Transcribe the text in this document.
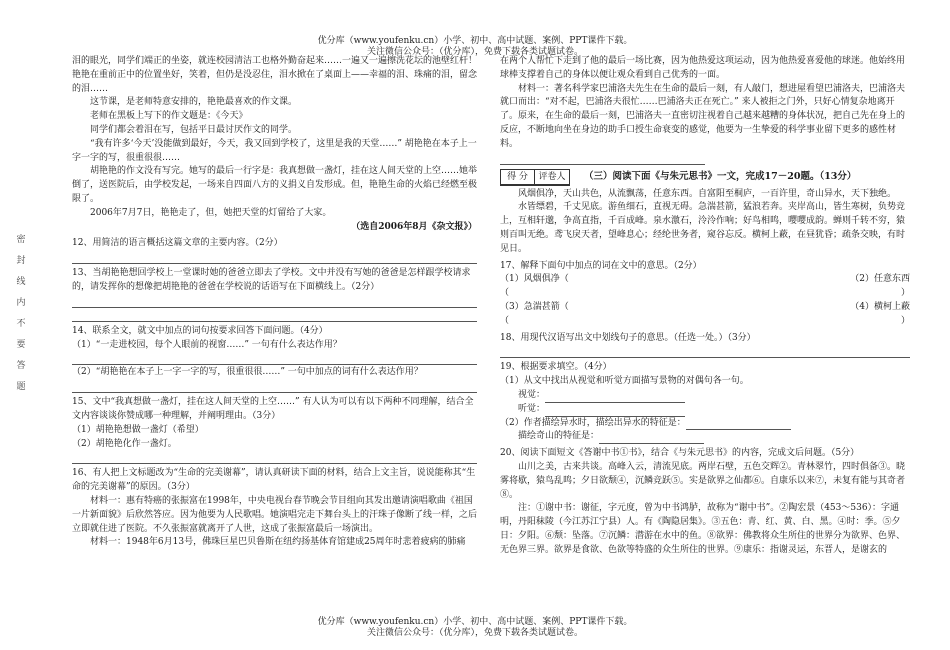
优分库（www.youfenku.cn）小学、初中、高中试题、案例、PPT课件下载。
关注微信公众号：（优分库），免费下载各类试题试卷。
密 封 线 内 不 要 答 题

泪的眼光，同学们端正的坐姿，就连校园清洁工也格外勤奋起来……一遍又一遍擦洗花坛的池壁红杆！艳艳在重前正中的位置坐好，笑着，但仍是没忍住，泪水掀在了桌面上——幸福的泪、珠痛的泪，留念的泪……

这节课，是老师特意安排的，艳艳最喜欢的作文课。

老师在黑板上写下的作文题是：《今天》

同学们都会着泪在写，包括平日最讨厌作文的同学。

“我有许多‘今天’没能做到最好，今天，我又回到学校了，这里是我的天堂……” 胡艳艳在本子上一字一字的写，很重很很……

胡艳艳的作文没有写完。她写的最后一行字是：我真想做一盏灯，挂在这人间天堂的上空……她举倒了，送医院后，由学校发起，一场来自四面八方的义捐义自发形成。但，艳艳生命的火焰已经燃至极限了。

2006年7月7日，艳艳走了，但，她把天堂的灯留给了大家。

（选自2006年8月《杂文报》）

12、用简洁的语言概括这篇文章的主要内容。（2分）

13、当胡艳艳想回学校上一堂课时她的爸爸立即去了学校。文中并没有写她的爸爸是怎样跟学校请求的，请发挥你的想像把胡艳艳的爸爸在学校说的话语写在下面横线上。（2分）

14、联系全文，就文中加点的词句按要求回答下面问题。（4分）

（1）“一走进校园，每个人眼前的视窗……” 一句有什么表达作用？

（2）“胡艳艳在本子上一字一字的写，很重很很……” 一句中加点的词有什么表达作用？

15、文中“我真想做一盏灯，挂在这人间天堂的上空……” 有人认为可以有以下两种不同理解，结合全文内容谈谈你赞成哪一种理解，并阐明理由。（3分）

（1）胡艳艳想做一盏灯（希望）

（2）胡艳艳化作一盏灯。

16、有人把上文标题改为“生命的完美谢幕”，请认真研读下面的材料，结合上文主旨，说说能称其“生命的完美谢幕”的原因。（3分）

材料一：惠有特癌的张振富在1998年，中央电视台春节晚会节目组向其发出邀请演唱歌曲《祖国一片新面貌》后欣然答应。因为他要为人民歌唱。她演唱完走下舞台头上的汗珠子像断了线一样，之后立即就住进了医院。不久张振富就离开了人世，这成了张振富最后一场演出。

材料一：1948年6月13号，佛珠巨星巴贝鲁斯在纽约扬基体育馆建成25周年时悲着疲病的肺痛

在两个人帮忙下走到了他的最后一场比赛，因为他热爱这项运动，因为他热爱喜爱他的球迷。他始终用球棒支撑着自己的身体以便让观众看到自己优秀的一面。

材料一：著名科学家巴浦洛夫先生在生命的最后一刻，有人敲门，想进屋看望巴浦洛夫，巴浦洛夫就口而出：“对不起，巴浦洛夫很忙……巴浦洛夫正在死亡。” 来人被拒之门外，只好心情复杂地离开了。原来，在生命的最后一刻，巴浦洛夫一直密切注视着自己越来越糟的身体状况，把自己先在身上的反应，不断地向坐在身边的助手口授生命衰变的感觉，他要为一生挚爱的科学事业留下更多的感性材料。

得 分	评卷人	（三）阅读下面《与朱元思书》一文，完成17－20题。（13分）

风烟俱净，天山共色，从流飘荡，任意东西。自富阳至桐庐，一百许里，奇山异水，天下独绝。

水皆缥碧，千丈见底。游鱼细石，直视无碍。急湍甚箭，猛浪若奔。夹岸高山，皆生寒树，负势竞上，互相轩邈，争高直指，千百成峰。泉水激石，泠泠作响；好鸟相鸣，嘤嘤成韵。蝉则千转不穷，猿则百叫无绝。鸢飞戾天者，望峰息心；经纶世务者，窥谷忘反。横柯上蔽，在昼犹昏；疏条交映，有时见日。

17、解释下面句中加点的词在文中的意思。（2分）

（1）风烟俱净（	（2）任意东西
（	）
（3）急湍甚箭（	（4）横柯上蔽
（	）

18、用现代汉语写出文中划线句子的意思。（任选一处。）（3分）

19、根据要求填空。（4分）

（1）从文中找出从视觉和听觉方面描写景物的对偶句各一句。

视觉：

听觉：

（2）作者描绘异水时，描绘出异水的特征是：

描绘奇山的特征是：

20、阅读下面短文《答谢中书①书》，结合《与朱元思书》的内容，完成文后问题。（5分）

山川之美，古来共谈。高峰入云，清流见底。两岸石壁，五色交辉②。青林翠竹，四时俱备③。晓雾将歇，猿鸟乱鸣；夕日欲颓④，沉鳞竞跃⑤。实是欲界之仙都⑥。自康乐以来⑦，未复有能与其奇者⑧。

注：①谢中书：谢征，字元度，曾为中书鸿胪，故称为“谢中书”。②陶宏景（453～536）：字通明，丹阳秣陵（今江苏江宁县）人。有《陶隐居集》。③五色：青、红、黄、白、黑。④时：季。⑤夕日：夕阳。⑥颓：坠落。⑦沉鳞：潜游在水中的鱼。⑧欲界：佛教将众生所住的世界分为欲界、色界、无色界三界。欲界是食欲、色欲等特盛的众生所住的世界。⑨康乐：指谢灵运，东晋人，是谢玄的

优分库（www.youfenku.cn）小学、初中、高中试题、案例、PPT课件下载。
关注微信公众号：（优分库），免费下载各类试题试卷。
